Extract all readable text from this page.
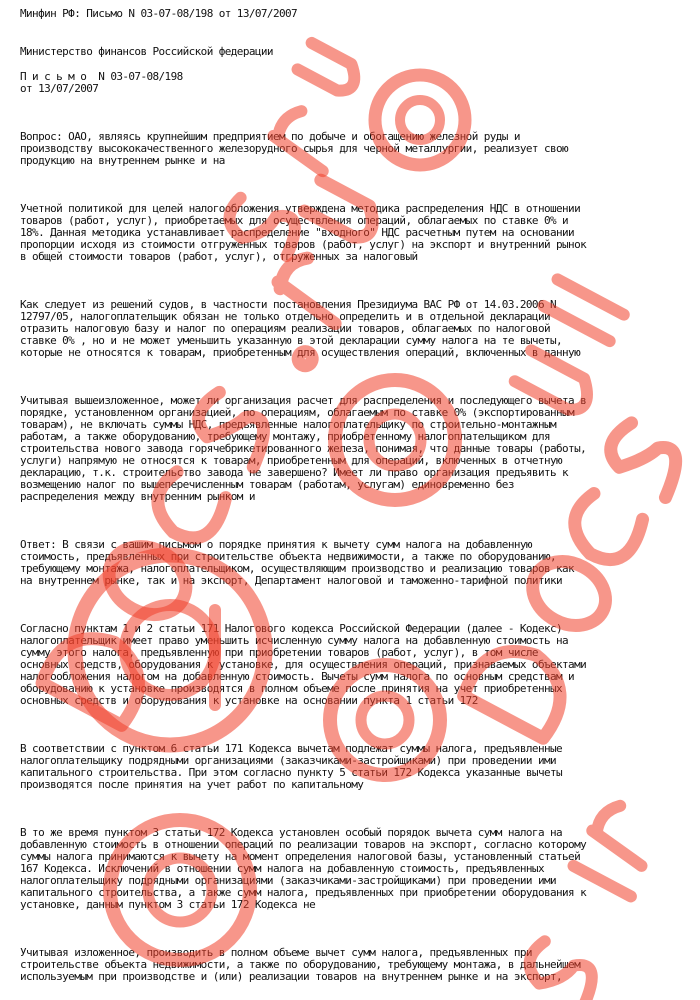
Минфин РФ: Письмо N 03-07-08/198 от 13/07/2007
Министерство финансов Российской федерации
П и с ь м о  N 03-07-08/198
от 13/07/2007
Вопрос: ОАО, являясь крупнейшим предприятием по добыче и обогащению железной руды и
производству высококачественного железорудного сырья для черной металлургии, реализует свою
продукцию на внутреннем рынке и на
Учетной политикой для целей налогообложения утверждена методика распределения НДС в отношении
товаров (работ, услуг), приобретаемых для осуществления операций, облагаемых по ставке 0% и
18%. Данная методика устанавливает распределение "входного" НДС расчетным путем на основании
пропорции исходя из стоимости отгруженных товаров (работ, услуг) на экспорт и внутренний рынок
в общей стоимости товаров (работ, услуг), отгруженных за налоговый
Как следует из решений судов, в частности постановления Президиума ВАС РФ от 14.03.2006 N
12797/05, налогоплательщик обязан не только отдельно определить и в отдельной декларации
отразить налоговую базу и налог по операциям реализации товаров, облагаемых по налоговой
ставке 0% , но и не может уменьшить указанную в этой декларации сумму налога на те вычеты,
которые не относятся к товарам, приобретенным для осуществления операций, включенных в данную
Учитывая вышеизложенное, может ли организация расчет для распределения и последующего вычета в
порядке, установленном организацией, по операциям, облагаемым по ставке 0% (экспортированным
товарам), не включать суммы НДС, предъявленные налогоплательщику по строительно-монтажным
работам, а также оборудованию, требующему монтажу, приобретенному налогоплательщиком для
строительства нового завода горячебрикетированного железа, понимая, что данные товары (работы,
услуги) напрямую не относятся к товарам, приобретенным для операций, включенных в отчетную
декларацию, т.к. строительство завода не завершено? Имеет ли право организация предъявить к
возмещению налог по вышеперечисленным товарам (работам, услугам) единовременно без
распределения между внутренним рынком и
Ответ: В связи с вашим письмом о порядке принятия к вычету сумм налога на добавленную
стоимость, предъявленных при строительстве объекта недвижимости, а также по оборудованию,
требующему монтажа, налогоплательщиком, осуществляющим производство и реализацию товаров как
на внутреннем рынке, так и на экспорт, Департамент налоговой и таможенно-тарифной политики
Согласно пунктам 1 и 2 статьи 171 Налогового кодекса Российской Федерации (далее - Кодекс)
налогоплательщик имеет право уменьшить исчисленную сумму налога на добавленную стоимость на
сумму этого налога, предъявленную при приобретении товаров (работ, услуг), в том числе
основных средств, оборудования к установке, для осуществления операций, признаваемых объектами
налогообложения налогом на добавленную стоимость. Вычеты сумм налога по основным средствам и
оборудованию к установке производятся в полном объеме после принятия на учет приобретенных
основных средств и оборудования к установке на основании пункта 1 статьи 172
В соответствии с пунктом 6 статьи 171 Кодекса вычетам подлежат суммы налога, предъявленные
налогоплательщику подрядными организациями (заказчиками-застройщиками) при проведении ими
капитального строительства. При этом согласно пункту 5 статьи 172 Кодекса указанные вычеты
производятся после принятия на учет работ по капитальному
В то же время пунктом 3 статьи 172 Кодекса установлен особый порядок вычета сумм налога на
добавленную стоимость в отношении операций по реализации товаров на экспорт, согласно которому
суммы налога принимаются к вычету на момент определения налоговой базы, установленный статьей
167 Кодекса. Исключений в отношении сумм налога на добавленную стоимость, предъявленных
налогоплательщику подрядными организациями (заказчиками-застройщиками) при проведении ими
капитального строительства, а также сумм налога, предъявленных при приобретении оборудования к
установке, данным пунктом 3 статьи 172 Кодекса не
Учитывая изложенное, производить в полном объеме вычет сумм налога, предъявленных при
строительстве объекта недвижимости, а также по оборудованию, требующему монтажа, в дальнейшем
используемым при производстве и (или) реализации товаров на внутреннем рынке и на экспорт,
